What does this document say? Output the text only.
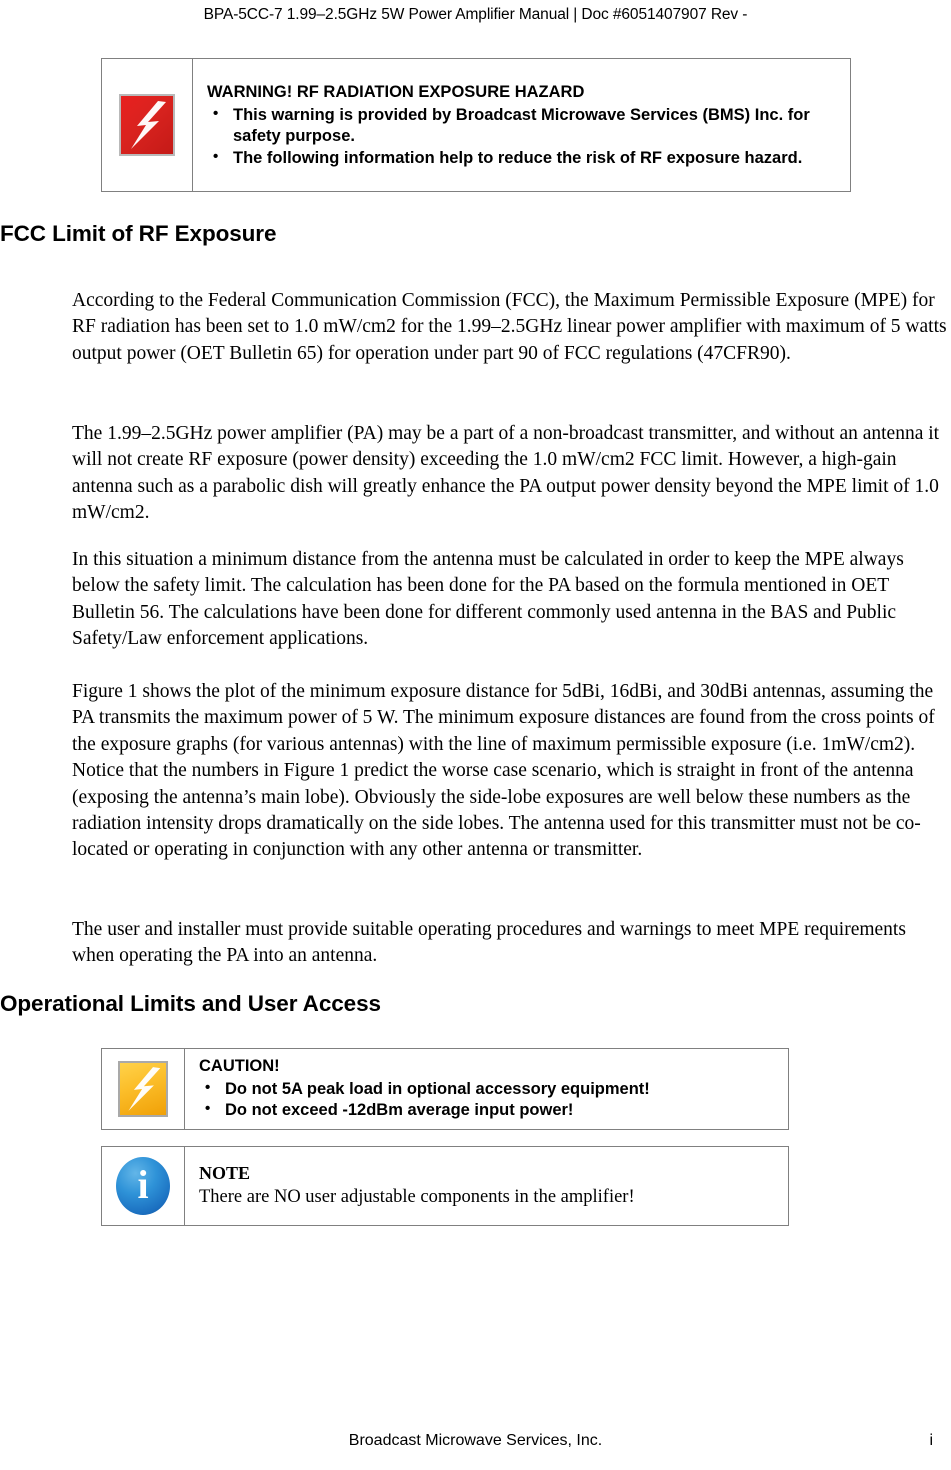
BPA-5CC-7 1.99–2.5GHz 5W Power Amplifier Manual | Doc #6051407907 Rev -
WARNING! RF RADIATION EXPOSURE HAZARD
• This warning is provided by Broadcast Microwave Services (BMS) Inc. for safety purpose.
• The following information help to reduce the risk of RF exposure hazard.
FCC Limit of RF Exposure
According to the Federal Communication Commission (FCC), the Maximum Permissible Exposure (MPE) for RF radiation has been set to 1.0 mW/cm2 for the 1.99–2.5GHz linear power amplifier with maximum of 5 watts output power (OET Bulletin 65) for operation under part 90 of FCC regulations (47CFR90).
The 1.99–2.5GHz power amplifier (PA) may be a part of a non-broadcast transmitter, and without an antenna it will not create RF exposure (power density) exceeding the 1.0 mW/cm2 FCC limit. However, a high-gain antenna such as a parabolic dish will greatly enhance the PA output power density beyond the MPE limit of 1.0 mW/cm2.
In this situation a minimum distance from the antenna must be calculated in order to keep the MPE always below the safety limit. The calculation has been done for the PA based on the formula mentioned in OET Bulletin 56. The calculations have been done for different commonly used antenna in the BAS and Public Safety/Law enforcement applications.
Figure 1 shows the plot of the minimum exposure distance for 5dBi, 16dBi, and 30dBi antennas, assuming the PA transmits the maximum power of 5 W. The minimum exposure distances are found from the cross points of the exposure graphs (for various antennas) with the line of maximum permissible exposure (i.e. 1mW/cm2). Notice that the numbers in Figure 1 predict the worse case scenario, which is straight in front of the antenna (exposing the antenna’s main lobe). Obviously the side-lobe exposures are well below these numbers as the radiation intensity drops dramatically on the side lobes. The antenna used for this transmitter must not be co-located or operating in conjunction with any other antenna or transmitter.
The user and installer must provide suitable operating procedures and warnings to meet MPE requirements when operating the PA into an antenna.
Operational Limits and User Access
CAUTION!
• Do not 5A peak load in optional accessory equipment!
• Do not exceed -12dBm average input power!
i	NOTE
There are NO user adjustable components in the amplifier!
Broadcast Microwave Services, Inc.	i
